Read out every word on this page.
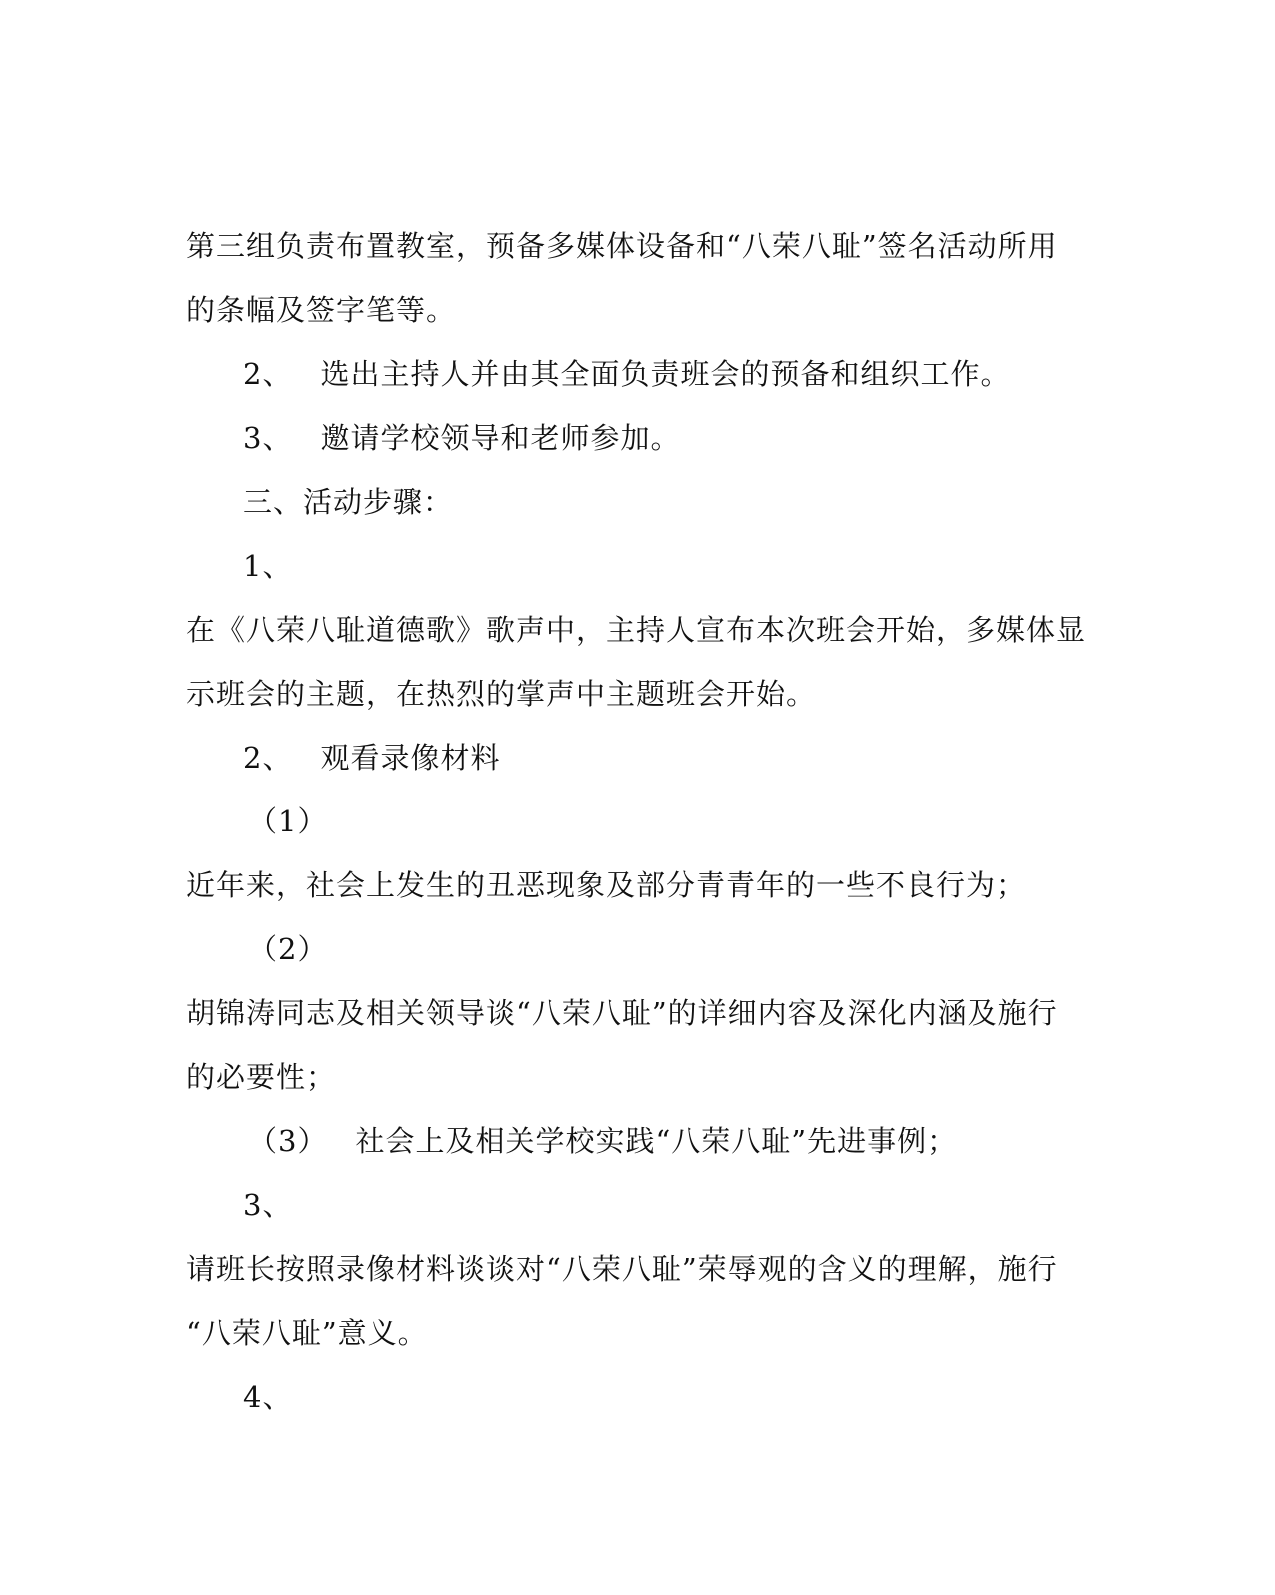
第三组负责布置教室，预备多媒体设备和“八荣八耻”签名活动所用
的条幅及签字笔等。
2、 选出主持人并由其全面负责班会的预备和组织工作。
3、 邀请学校领导和老师参加。
三、活动步骤：
1、
在《八荣八耻道德歌》歌声中，主持人宣布本次班会开始，多媒体显
示班会的主题，在热烈的掌声中主题班会开始。
2、 观看录像材料
（1）
近年来，社会上发生的丑恶现象及部分青青年的一些不良行为；
（2）
胡锦涛同志及相关领导谈“八荣八耻”的详细内容及深化内涵及施行
的必要性；
（3） 社会上及相关学校实践“八荣八耻”先进事例；
3、
请班长按照录像材料谈谈对“八荣八耻”荣辱观的含义的理解，施行
“八荣八耻”意义。
4、
